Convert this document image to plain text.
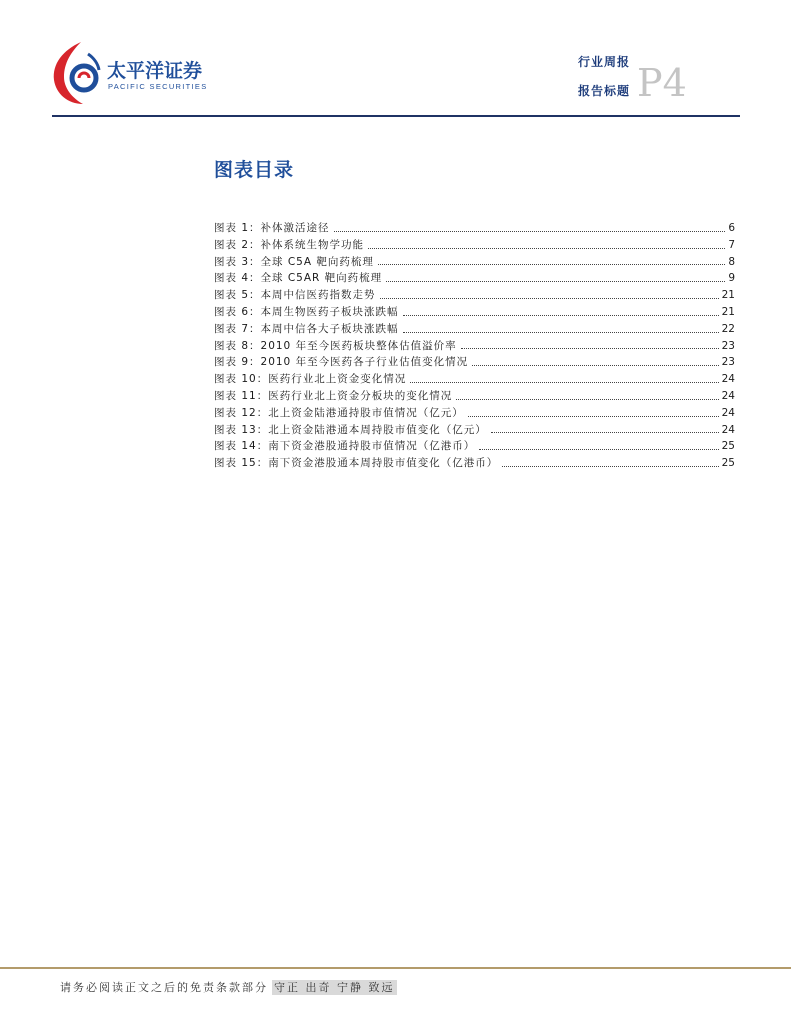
太平洋证券
PACIFIC SECURITIES
行业周报
报告标题 P4
图表目录
图表 1：补体激活途径	6
图表 2：补体系统生物学功能	7
图表 3：全球 C5A 靶向药梳理	8
图表 4：全球 C5AR 靶向药梳理	9
图表 5：本周中信医药指数走势	21
图表 6：本周生物医药子板块涨跌幅	21
图表 7：本周中信各大子板块涨跌幅	22
图表 8：2010 年至今医药板块整体估值溢价率	23
图表 9：2010 年至今医药各子行业估值变化情况	23
图表 10：医药行业北上资金变化情况	24
图表 11：医药行业北上资金分板块的变化情况	24
图表 12：北上资金陆港通持股市值情况（亿元）	24
图表 13：北上资金陆港通本周持股市值变化（亿元）	24
图表 14：南下资金港股通持股市值情况（亿港币）	25
图表 15：南下资金港股通本周持股市值变化（亿港币）	25
请务必阅读正文之后的免责条款部分 守正 出奇 宁静 致远
